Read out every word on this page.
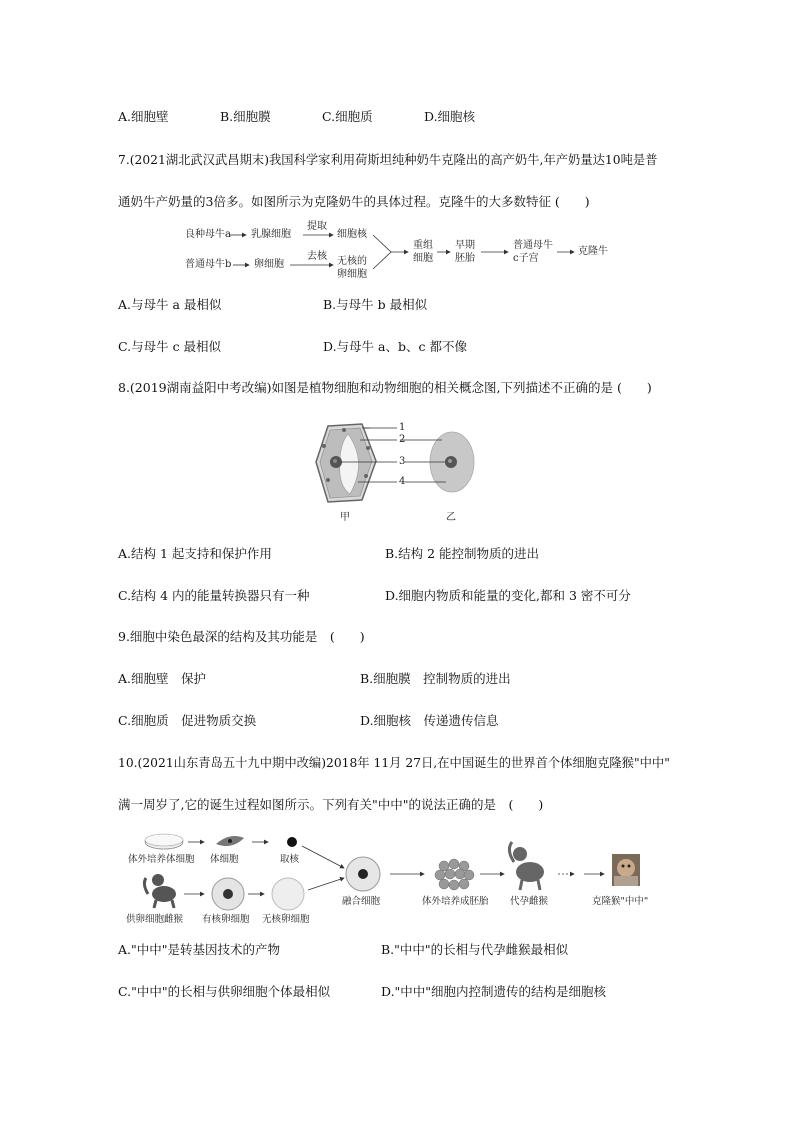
A.细胞壁	B.细胞膜	C.细胞质	D.细胞核
7.(2021湖北武汉武昌期末)我国科学家利用荷斯坦纯种奶牛克隆出的高产奶牛,年产奶量达10吨是普
通奶牛产奶量的3倍多。如图所示为克隆奶牛的具体过程。克隆牛的大多数特征 (　　)
良种母牛a 乳腺细胞
提取
细胞核
普通母牛b 卵细胞
去核 无核的
卵细胞
重组
细胞
早期
胚胎
普通母牛
c子宫
克隆牛
A.与母牛 a 最相似	B.与母牛 b 最相似
C.与母牛 c 最相似	D.与母牛 a、b、c 都不像
8.(2019湖南益阳中考改编)如图是植物细胞和动物细胞的相关概念图,下列描述不正确的是 (　　)
1
2
3
4
甲	乙
A.结构 1 起支持和保护作用	B.结构 2 能控制物质的进出
C.结构 4 内的能量转换器只有一种	D.细胞内物质和能量的变化,都和 3 密不可分
9.细胞中染色最深的结构及其功能是　(　　)
A.细胞壁　保护	B.细胞膜　控制物质的进出
C.细胞质　促进物质交换	D.细胞核　传递遗传信息
10.(2021山东青岛五十九中期中改编)2018年 11月 27日,在中国诞生的世界首个体细胞克隆猴"中中"
满一周岁了,它的诞生过程如图所示。下列有关"中中"的说法正确的是　(　　)
体外培养体细胞 体细胞	取核
供卵细胞雌猴 有核卵细胞 无核卵细胞
融合细胞	体外培养成胚胎 代孕雌猴	克隆猴"中中"
A."中中"是转基因技术的产物	B."中中"的长相与代孕雌猴最相似
C."中中"的长相与供卵细胞个体最相似	D."中中"细胞内控制遗传的结构是细胞核
